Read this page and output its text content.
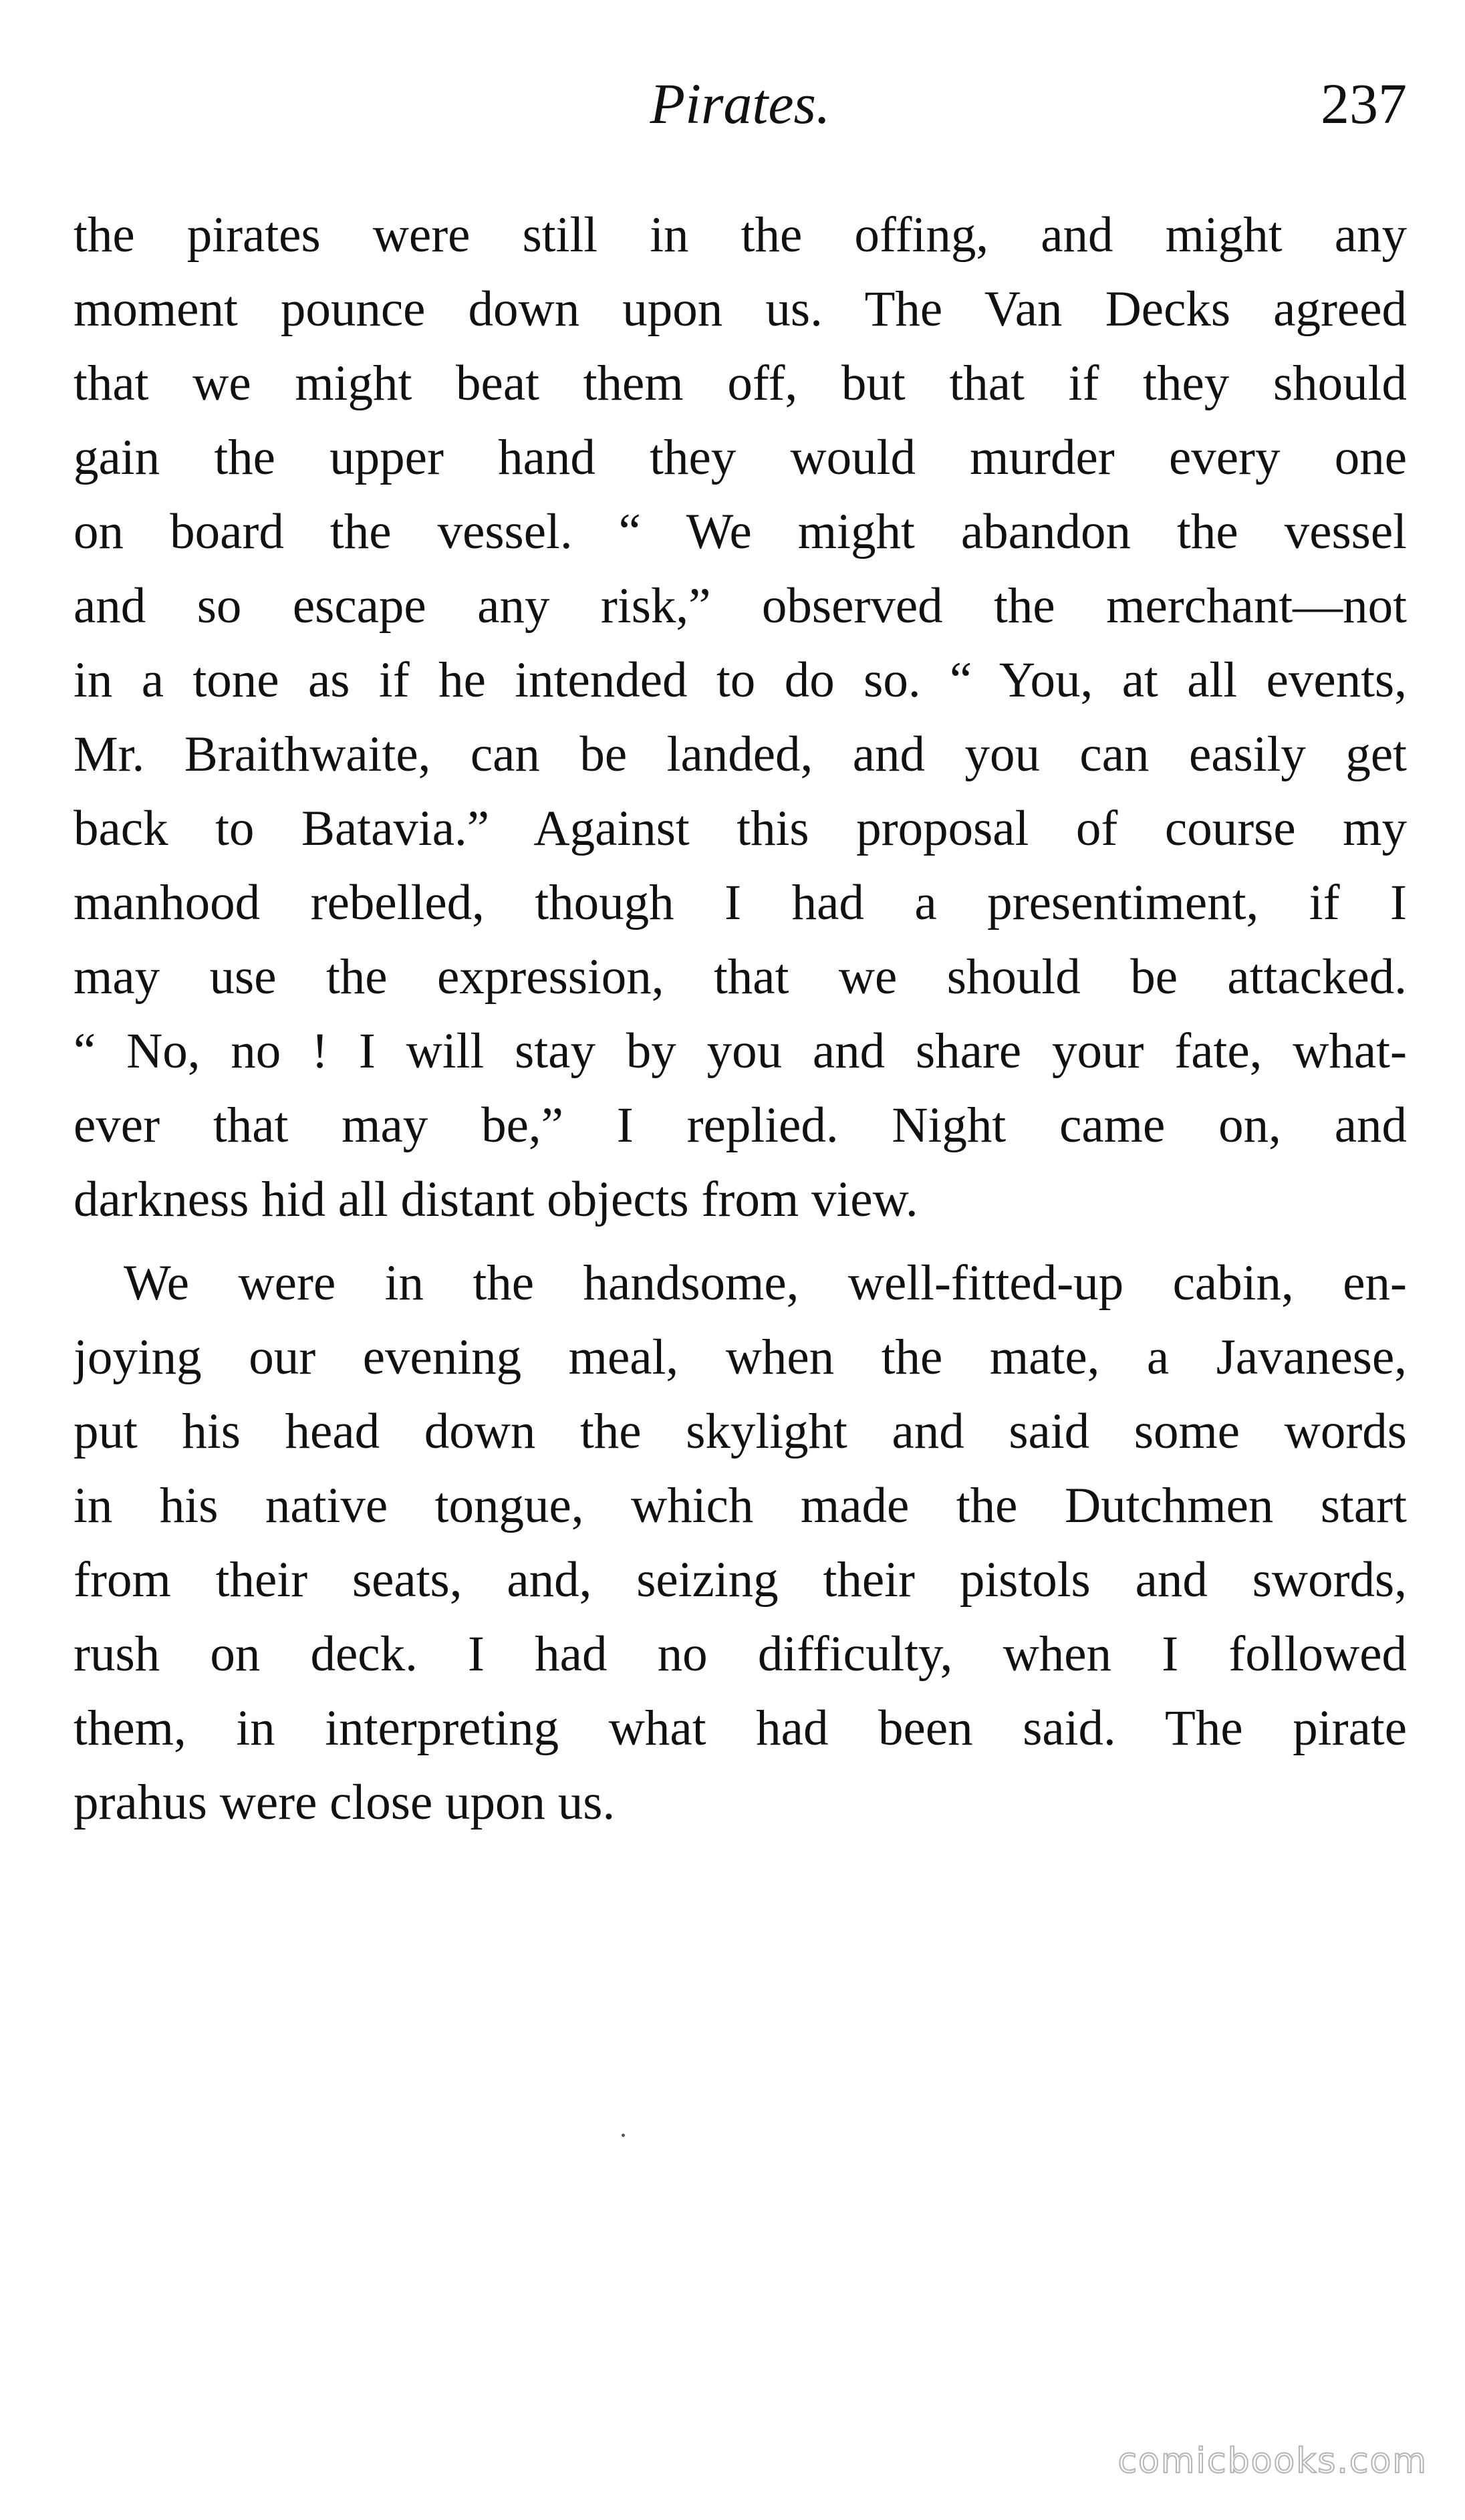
Pirates.	237
the pirates were still in the offing, and might any
moment pounce down upon us. The Van Decks agreed
that we might beat them off, but that if they should
gain the upper hand they would murder every one
on board the vessel. “ We might abandon the vessel
and so escape any risk,” observed the merchant—not
in a tone as if he intended to do so. “ You, at all events,
Mr. Braithwaite, can be landed, and you can easily get
back to Batavia.” Against this proposal of course my
manhood rebelled, though I had a presentiment, if I
may use the expression, that we should be attacked.
“ No, no ! I will stay by you and share your fate, what-
ever that may be,” I replied. Night came on, and
darkness hid all distant objects from view.
We were in the handsome, well-fitted-up cabin, en-
joying our evening meal, when the mate, a Javanese,
put his head down the skylight and said some words
in his native tongue, which made the Dutchmen start
from their seats, and, seizing their pistols and swords,
rush on deck. I had no difficulty, when I followed
them, in interpreting what had been said. The pirate
prahus were close upon us.
comicbooks.com
